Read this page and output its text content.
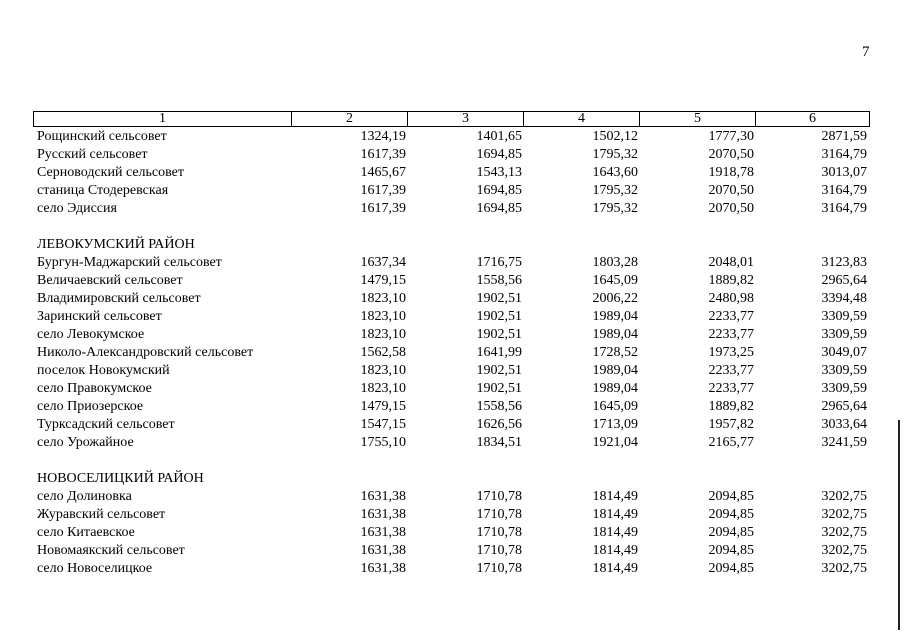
7
1	2	3	4	5	6
Рощинский сельсовет	1324,19	1401,65	1502,12	1777,30	2871,59
Русский сельсовет	1617,39	1694,85	1795,32	2070,50	3164,79
Серноводский сельсовет	1465,67	1543,13	1643,60	1918,78	3013,07
станица Стодеревская	1617,39	1694,85	1795,32	2070,50	3164,79
село Эдиссия	1617,39	1694,85	1795,32	2070,50	3164,79
ЛЕВОКУМСКИЙ РАЙОН
Бургун-Маджарский сельсовет	1637,34	1716,75	1803,28	2048,01	3123,83
Величаевский сельсовет	1479,15	1558,56	1645,09	1889,82	2965,64
Владимировский сельсовет	1823,10	1902,51	2006,22	2480,98	3394,48
Заринский сельсовет	1823,10	1902,51	1989,04	2233,77	3309,59
село Левокумское	1823,10	1902,51	1989,04	2233,77	3309,59
Николо-Александровский сельсовет	1562,58	1641,99	1728,52	1973,25	3049,07
поселок Новокумский	1823,10	1902,51	1989,04	2233,77	3309,59
село Правокумское	1823,10	1902,51	1989,04	2233,77	3309,59
село Приозерское	1479,15	1558,56	1645,09	1889,82	2965,64
Турксадский сельсовет	1547,15	1626,56	1713,09	1957,82	3033,64
село Урожайное	1755,10	1834,51	1921,04	2165,77	3241,59
НОВОСЕЛИЦКИЙ РАЙОН
село Долиновка	1631,38	1710,78	1814,49	2094,85	3202,75
Журавский сельсовет	1631,38	1710,78	1814,49	2094,85	3202,75
село Китаевское	1631,38	1710,78	1814,49	2094,85	3202,75
Новомаякский сельсовет	1631,38	1710,78	1814,49	2094,85	3202,75
село Новоселицкое	1631,38	1710,78	1814,49	2094,85	3202,75
